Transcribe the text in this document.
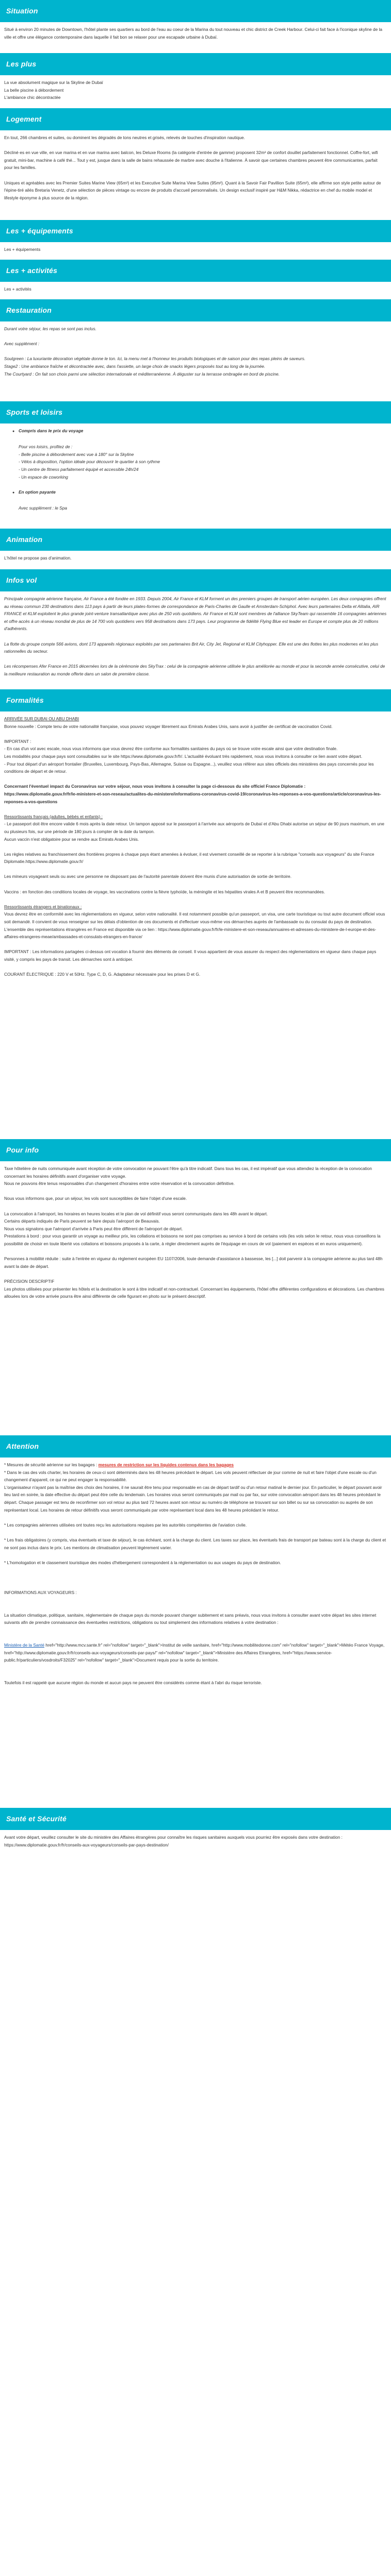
Situation

Situé à environ 20 minutes de Downtown, l'hôtel plante ses quartiers au bord de l'eau au coeur de la Marina du tout nouveau et chic district de Creek Harbour. Celui-ci fait face à l'iconique skyline de la ville et offre une élégance contemporaine dans laquelle il fait bon se relaxer pour une escapade urbaine à Dubaï.

Les plus

La vue absolument magique sur la Skyline de Dubaï

La belle piscine à débordement

L'ambiance chic décontractée

Logement

En tout, 266 chambres et suites, ou dominent les dégradés de tons neutres et grisés, relevés de touches d'inspiration nautique.

Décliné·es en vue ville, en vue marina et en vue marina avec balcon, les Deluxe Rooms (la catégorie d'entrée de gamme) proposent 32m² de confort douillet parfaitement fonctionnel. Coffre-fort, wifi gratuit, mini-bar, machine à café thé... Tout y est, jusque dans la salle de bains rehaussée de marbre avec douche à l'italienne. À savoir que certaines chambres peuvent être communicantes, parfait pour les familles.

Uniques et agréables avec les Premier Suites Marine View (65m²) et les Executive Suite Marina View Suites (95m²). Quant à la Savoir Fair Pavillion Suite (65m²), elle affirme son style petite autour de l'épine-tiré ailés Bretaria Venetz, d'une sélection de pièces vintage ou encore de produits d'accueil personnalisés. Un design exclusif inspiré par H&M Nikka, rédactrice en chef du mobile model et lifestyle éponyme à plus source de la région.

Les + équipements

Les + équipements

Les + activités

Les + activités

Restauration

Durant votre séjour, les repas se sont pas inclus.

Avec supplément :

Soulgreen : La luxuriante décoration végétale donne le ton. Ici, la menu met à l'honneur les produits biologiques et de saison pour des repas pleins de saveurs.

Stage2 : Une ambiance fraîche et décontractée avec, dans l'assiette, un large choix de snacks légers proposés tout au long de la journée.

The Courtyard : On fait son choix parmi une sélection internationale et méditerranéenne. À déguster sur la terrasse ombragée en bord de piscine.

Sports et loisirs
● Compris dans le prix du voyage

Pour vos loisirs, profitez de :

- Belle piscine à débordement avec vue à 180° sur la Skyline

- Vélos à disposition, l'option idéale pour découvrir le quartier à son rythme

- Un centre de fitness parfaitement équipé et accessible 24h/24

- Un espace de coworking

● En option payante

Avec supplément : le Spa

Animation

L'hôtel ne propose pas d'animation.

Infos vol

Principale compagnie aérienne française, Air France a été fondée en 1933. Depuis 2004, Air France et KLM forment un des premiers groupes de transport aérien européen. Les deux compagnies offrent au réseau commun 230 destinations dans 113 pays à partir de leurs plates-formes de correspondance de Paris-Charles de Gaulle et Amsterdam-Schiphol. Avec leurs partenaires Delta et Alitalia, AIR FRANCE et KLM exploitent le plus grande joint-venture transatlantique avec plus de 250 vols quotidiens. Air France et KLM sont membres de l'alliance SkyTeam qui rassemble 16 compagnies aériennes et offre accès à un réseau mondial de plus de 14 700 vols quotidiens vers 958 destinations dans 173 pays. Leur programme de fidélité Flying Blue est leader en Europe et compte plus de 20 millions d'adhérents.

La flotte du groupe compte 566 avions, dont 173 appareils régionaux exploités par ses partenaires Brit Air, City Jet, Regional et KLM Cityhopper. Elle est une des flottes les plus modernes et les plus rationnelles du secteur.

Les récompenses Afer France en 2015 décernées lors de la cérémonie des SkyTrax : celui de la compagnie aérienne utilisée le plus améliorée au monde et pour la seconde année consécutive, celui de la meilleure restauration au monde offerte dans un salon de première classe.

Formalités

ARRIVÉE SUR DUBAI OU ABU DHABI

Bonne nouvelle : Compte tenu de votre nationalité française, vous pouvez voyager librement aux Emirats Arabes Unis, sans avoir à justifier de certificat de vaccination Covid.

IMPORTANT :

- En cas d'un vol avec escale, nous vous informons que vous devrez être conforme aux formalités sanitaires du pays où se trouve votre escale ainsi que votre destination finale.

Les modalités pour chaque pays sont consultables sur le site https://www.diplomatie.gouv.fr/fr/. L'actualité évoluant très rapidement, nous vous invitons à consulter ce lien avant votre départ.

- Pour tout départ d'un aéroport frontalier (Bruxelles, Luxembourg, Pays-Bas, Allemagne, Suisse ou Espagne...), veuillez vous référer aux sites officiels des ministères des pays concernés pour les conditions de départ et de retour.

Concernant l'éventuel impact du Coronavirus sur votre séjour, nous vous invitons à consulter la page ci-dessous du site officiel France Diplomatie :

https://www.diplomatie.gouv.fr/fr/le-ministere-et-son-reseau/actualites-du-ministere/informations-coronavirus-covid-19/coronavirus-les-reponses-a-vos-questions/article/coronavirus-les-reponses-a-vos-questions

Ressortissants français (adultes, bébés et enfants) :

- Le passeport doit être encore valide 6 mois après la date retour. Un tampon apposé sur le passeport à l'arrivée aux aéroports de Dubaï et d'Abu Dhabi autorise un séjour de 90 jours maximum, en une ou plusieurs fois, sur une période de 180 jours à compter de la date du tampon.

Aucun vaccin n'est obligatoire pour se rendre aux Emirats Arabes Unis.

Les règles relatives au franchissement des frontières propres à chaque pays étant amenées à évoluer, il est vivement conseillé de se reporter à la rubrique "conseils aux voyageurs" du site France Diplomatie.https://www.diplomatie.gouv.fr/

Les mineurs voyageant seuls ou avec une personne ne disposant pas de l'autorité parentale doivent être munis d'une autorisation de sortie de territoire.

Vaccins : en fonction des conditions locales de voyage, les vaccinations contre la fièvre typhoïde, la méningite et les hépatites virales A et B peuvent être recommandées.

Ressortissants étrangers et binationaux :

Vous devrez être en conformité avec les réglementations en vigueur, selon votre nationalité. Il est notamment possible qu'un passeport, un visa, une carte touristique ou tout autre document officiel vous soit demandé. Il convient de vous renseigner sur les délais d'obtention de ces documents et d'effectuer vous-même vos démarches auprès de l'ambassade ou du consulat du pays de destination.

L'ensemble des représentations étrangères en France est disponible via ce lien : https://www.diplomatie.gouv.fr/fr/le-ministere-et-son-reseau/annuaires-et-adresses-du-ministere-de-l-europe-et-des-affaires-etrangeres-meae/ambassades-et-consulats-etrangers-en-france/

IMPORTANT : Les informations partagées ci-dessus ont vocation à fournir des éléments de conseil. Il vous appartient de vous assurer du respect des réglementations en vigueur dans chaque pays visité, y compris les pays de transit. Les démarches sont à anticiper.

COURANT ÉLECTRIQUE : 220 V et 50Hz. Type C, D, G. Adaptateur nécessaire pour les prises D et G.

Pour info

Taxe hôtelière de nuits communiquée avant réception de votre convocation ne pouvant l'être qu'à titre indicatif. Dans tous les cas, il est impératif que vous attendiez la réception de la convocation concernant les horaires définitifs avant d'organiser votre voyage.

Nous ne pouvons être tenus responsables d'un changement d'horaires entre votre réservation et la convocation définitive.

Nous vous informons que, pour un séjour, les vols sont susceptibles de faire l'objet d'une escale.

La convocation à l'aéroport, les horaires en heures locales et le plan de vol définitif vous seront communiqués dans les 48h avant le départ.

Certains départs indiqués de Paris peuvent se faire depuis l'aéroport de Beauvais.

Nous vous signalons que l'aéroport d'arrivée à Paris peut être différent de l'aéroport de départ.

Prestations à bord : pour vous garantir un voyage au meilleur prix, les collations et boissons ne sont pas comprises au service à bord de certains vols (les vols selon le retour, nous vous conseillons la possibilité de choisir en toute liberté vos collations et boissons proposés à la carte, à régler directement auprès de l'équipage en cours de vol (paiement en espèces et en euros uniquement).

Personnes à mobilité réduite : suite à l'entrée en vigueur du règlement européen EU 1107/2006, toute demande d'assistance à bassesse, les [...] doit parvenir à la compagnie aérienne au plus tard 48h avant la date de départ.

PRÉCISION DESCRIPTIF

Les photos utilisées pour présenter les hôtels et la destination le sont à titre indicatif et non-contractuel. Concernant les équipements, l'hôtel offre différentes configurations et décorations. Les chambres allouées lors de votre arrivée pourra être ainsi différente de celle figurant en photo sur le présent descriptif.

Attention

* Mesures de sécurité aérienne sur les bagages : mesures de restriction sur les liquides contenus dans les bagages

* Dans le cas des vols charter, les horaires de ceux-ci sont déterminés dans les 48 heures précédant le départ. Les vols peuvent réflectuer de jour comme de nuit et faire l'objet d'une escale ou d'un changement d'appareil, ce qui ne peut engager la responsabilité.

L'organisateur n'ayant pas la maîtrise des choix des horaires, il ne saurait être tenu pour responsable en cas de départ tardif ou d'un retour matinal le dernier jour. En particulier, le départ pouvant avoir lieu tard en soirée, la date effective du départ peut être celle du lendemain. Les horaires vous seront communiqués par mail ou par fax, sur votre convocation aéroport dans les 48 heures précédant le départ. Chaque passager est tenu de reconfirmer son vol retour au plus tard 72 heures avant son retour au numéro de téléphone se trouvant sur son billet ou sur sa convocation ou auprès de son représentant local. Les horaires de retour définitifs vous seront communiqués par votre représentant local dans les 48 heures précédant le retour.

* Les compagnies aériennes utilisées ont toutes reçu les autorisations requises par les autorités compétentes de l'aviation civile.

* Les frais obligatoires (y compris, visa éventuels et taxe de séjour), le cas échéant, sont à la charge du client. Les taxes sur place, les éventuels frais de transport par bateau sont à la charge du client et ne sont pas inclus dans le prix. Les mentions de climatisation peuvent légèrement varier.

* L'homologation et le classement touristique des modes d'hébergement correspondent à la réglementation ou aux usages du pays de destination.

INFORMATIONS AUX VOYAGEURS :

La situation climatique, politique, sanitaire, réglementaire de chaque pays du monde pouvant changer subitement et sans préavis, nous vous invitons à consulter avant votre départ les sites internet suivants afin de prendre connaissance des éventuelles restrictions, obligations ou tout simplement des informations relatives à votre destination :

Ministère de la Santé href="http://www.mcv.sante.fr" rel="nofollow" target="_blank">Institut de veille sanitaire, href="http://www.mobilitedonne.com" rel="nofollow" target="_blank">Météo France Voyage, href="http://www.diplomatie.gouv.fr/fr/conseils-aux-voyageurs/conseils-par-pays/" rel="nofollow" target="_blank">Ministère des Affaires Etrangères, href="https://www.service-public.fr/particuliers/vosdroits/F32025" rel="nofollow" target="_blank">Document requis pour la sortie du territoire.

Toutefois il est rappelé que aucune région du monde et aucun pays ne peuvent être considérés comme étant à l'abri du risque terroriste.

Santé et Sécurité

Avant votre départ, veuillez consulter le site du ministère des Affaires étrangères pour connaître les risques sanitaires auxquels vous pourriez être exposés dans votre destination : https://www.diplomatie.gouv.fr/fr/conseils-aux-voyageurs/conseils-par-pays-destination/
